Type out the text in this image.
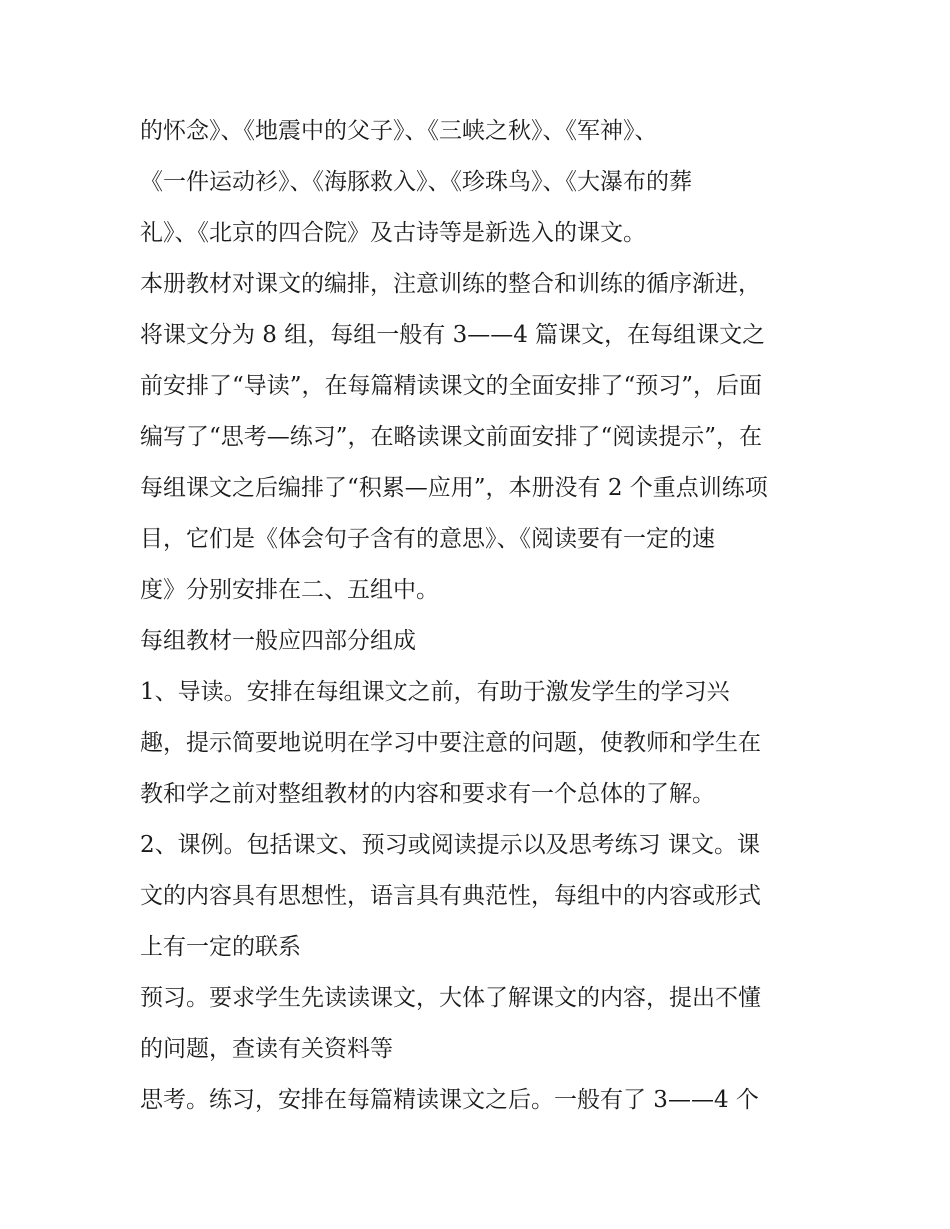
的怀念》、《地震中的父子》、《三峡之秋》、《军神》、
《一件运动衫》、《海豚救入》、《珍珠鸟》、《大瀑布的葬
礼》、《北京的四合院》及古诗等是新选入的课文。
本册教材对课文的编排，注意训练的整合和训练的循序渐进，
将课文分为 8 组，每组一般有 3——4 篇课文，在每组课文之
前安排了“导读”，在每篇精读课文的全面安排了“预习”，后面
编写了“思考—练习”，在略读课文前面安排了“阅读提示”，在
每组课文之后编排了“积累—应用”，本册没有 2 个重点训练项
目，它们是《体会句子含有的意思》、《阅读要有一定的速
度》分别安排在二、五组中。
每组教材一般应四部分组成
1、导读。安排在每组课文之前，有助于激发学生的学习兴
趣，提示简要地说明在学习中要注意的问题，使教师和学生在
教和学之前对整组教材的内容和要求有一个总体的了解。
2、课例。包括课文、预习或阅读提示以及思考练习 课文。课
文的内容具有思想性，语言具有典范性，每组中的内容或形式
上有一定的联系
预习。要求学生先读读课文，大体了解课文的内容，提出不懂
的问题，查读有关资料等
思考。练习，安排在每篇精读课文之后。一般有了 3——4 个
